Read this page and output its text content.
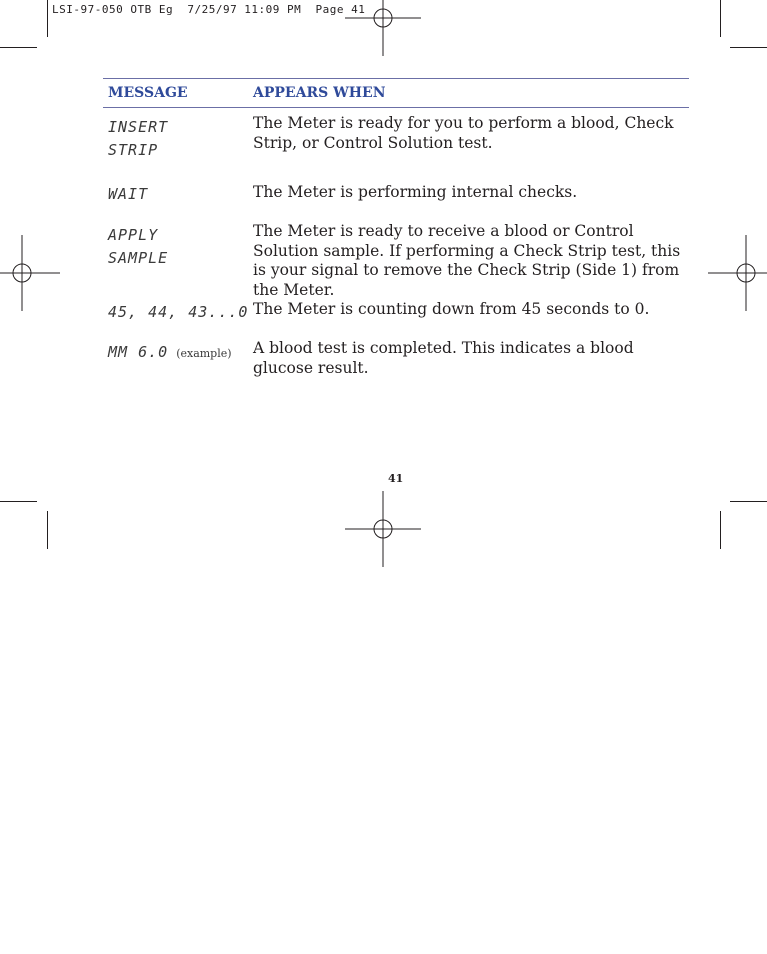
LSI-97-050 OTB Eg  7/25/97 11:09 PM  Page 41
MESSAGE	APPEARS WHEN
INSERT
STRIP
The Meter is ready for you to perform a blood, Check Strip, or Control Solution test.
WAIT	The Meter is performing internal checks.
APPLY
SAMPLE
The Meter is ready to receive a blood or Control Solution sample. If performing a Check Strip test, this is your signal to remove the Check Strip (Side 1) from the Meter.
45, 44, 43...0 The Meter is counting down from 45 seconds to 0.
MM 6.0 (example) A blood test is completed. This indicates a blood glucose result.
41
